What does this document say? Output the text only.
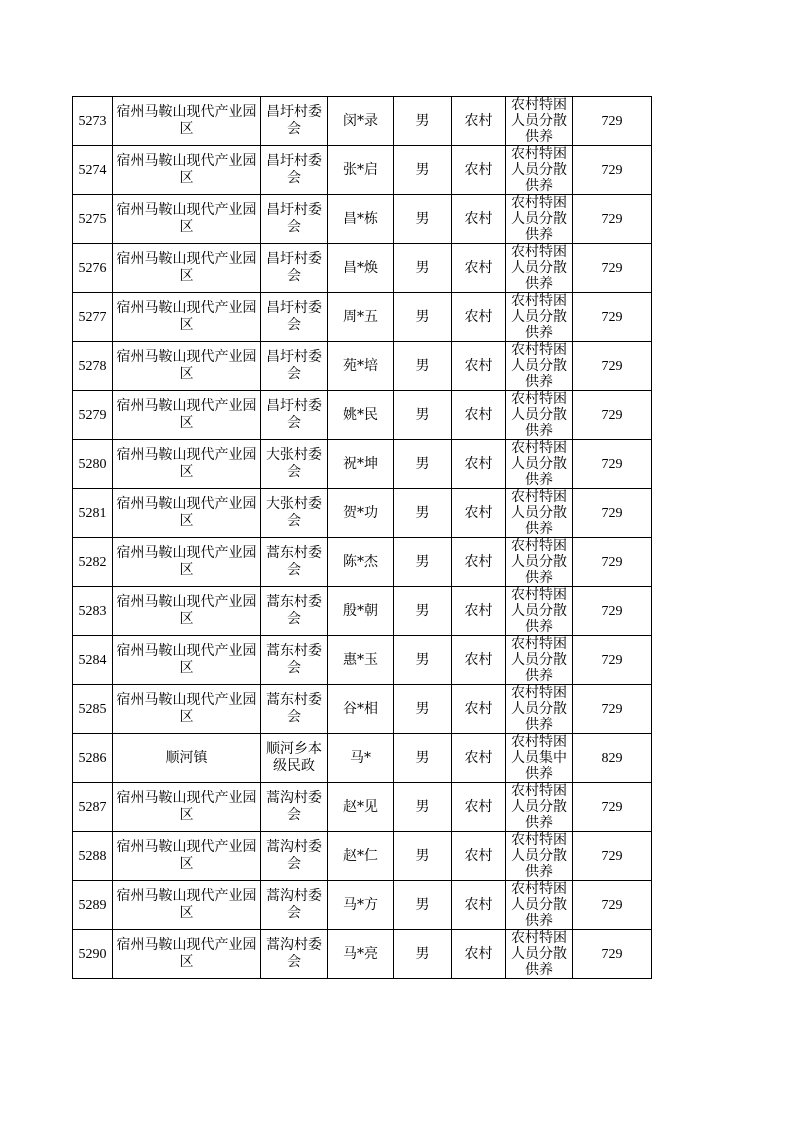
5273	宿州马鞍山现代产业园区	昌圩村委会	闵*录	男	农村	农村特困人员分散供养	729
5274	宿州马鞍山现代产业园区	昌圩村委会	张*启	男	农村	农村特困人员分散供养	729
5275	宿州马鞍山现代产业园区	昌圩村委会	昌*栋	男	农村	农村特困人员分散供养	729
5276	宿州马鞍山现代产业园区	昌圩村委会	昌*焕	男	农村	农村特困人员分散供养	729
5277	宿州马鞍山现代产业园区	昌圩村委会	周*五	男	农村	农村特困人员分散供养	729
5278	宿州马鞍山现代产业园区	昌圩村委会	苑*培	男	农村	农村特困人员分散供养	729
5279	宿州马鞍山现代产业园区	昌圩村委会	姚*民	男	农村	农村特困人员分散供养	729
5280	宿州马鞍山现代产业园区	大张村委会	祝*坤	男	农村	农村特困人员分散供养	729
5281	宿州马鞍山现代产业园区	大张村委会	贺*功	男	农村	农村特困人员分散供养	729
5282	宿州马鞍山现代产业园区	蒿东村委会	陈*杰	男	农村	农村特困人员分散供养	729
5283	宿州马鞍山现代产业园区	蒿东村委会	殷*朝	男	农村	农村特困人员分散供养	729
5284	宿州马鞍山现代产业园区	蒿东村委会	惠*玉	男	农村	农村特困人员分散供养	729
5285	宿州马鞍山现代产业园区	蒿东村委会	谷*相	男	农村	农村特困人员分散供养	729
5286	顺河镇	顺河乡本级民政	马*	男	农村	农村特困人员集中供养	829
5287	宿州马鞍山现代产业园区	蒿沟村委会	赵*见	男	农村	农村特困人员分散供养	729
5288	宿州马鞍山现代产业园区	蒿沟村委会	赵*仁	男	农村	农村特困人员分散供养	729
5289	宿州马鞍山现代产业园区	蒿沟村委会	马*方	男	农村	农村特困人员分散供养	729
5290	宿州马鞍山现代产业园区	蒿沟村委会	马*亮	男	农村	农村特困人员分散供养	729
